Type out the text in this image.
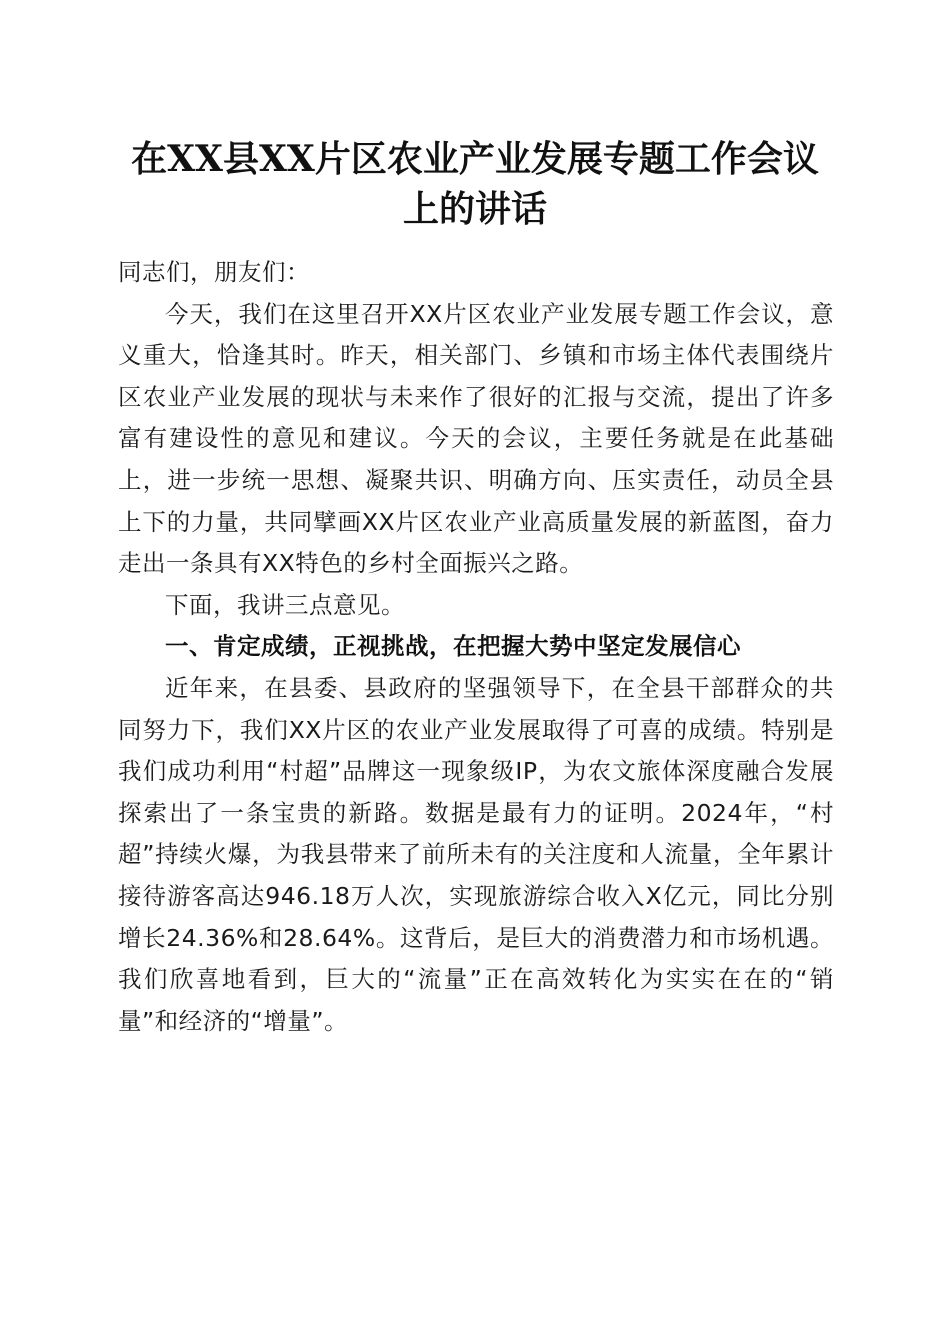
在XX县XX片区农业产业发展专题工作会议
上的讲话

同志们，朋友们：

今天，我们在这里召开XX片区农业产业发展专题工作会议，意义重大，恰逢其时。昨天，相关部门、乡镇和市场主体代表围绕片区农业产业发展的现状与未来作了很好的汇报与交流，提出了许多富有建设性的意见和建议。今天的会议，主要任务就是在此基础上，进一步统一思想、凝聚共识、明确方向、压实责任，动员全县上下的力量，共同擘画XX片区农业产业高质量发展的新蓝图，奋力走出一条具有XX特色的乡村全面振兴之路。

下面，我讲三点意见。

一、肯定成绩，正视挑战，在把握大势中坚定发展信心

近年来，在县委、县政府的坚强领导下，在全县干部群众的共同努力下，我们XX片区的农业产业发展取得了可喜的成绩。特别是我们成功利用“村超”品牌这一现象级IP，为农文旅体深度融合发展探索出了一条宝贵的新路。数据是最有力的证明。2024年，“村超”持续火爆，为我县带来了前所未有的关注度和人流量，全年累计接待游客高达946.18万人次，实现旅游综合收入X亿元，同比分别增长24.36%和28.64%。这背后，是巨大的消费潜力和市场机遇。我们欣喜地看到，巨大的“流量”正在高效转化为实实在在的“销量”和经济的“增量”。
